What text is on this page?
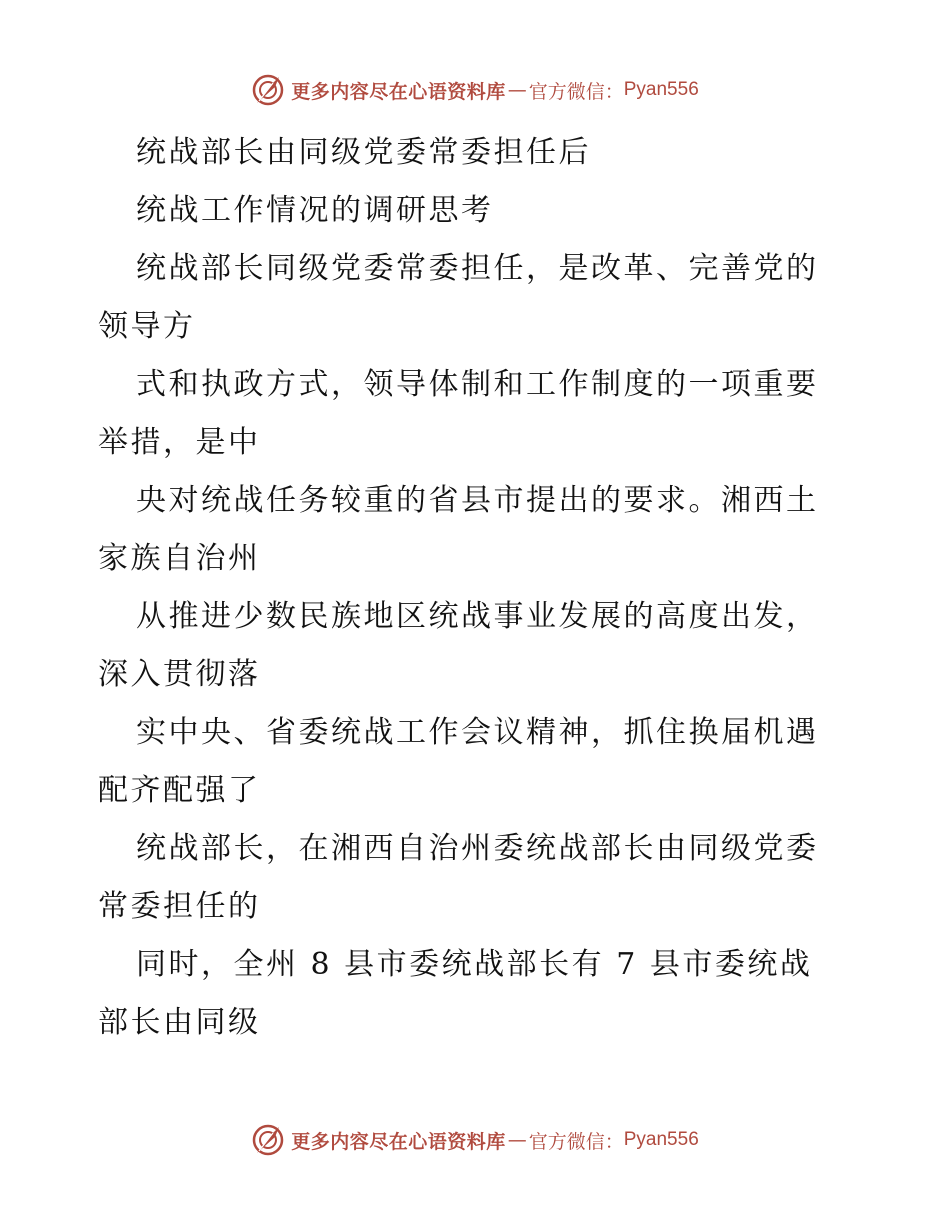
更多内容尽在心语资料库 — 官方微信： Pyan556
统战部长由同级党委常委担任后
统战工作情况的调研思考
统战部长同级党委常委担任，是改革、完善党的
领导方
式和执政方式，领导体制和工作制度的一项重要
举措，是中
央对统战任务较重的省县市提出的要求。湘西土
家族自治州
从推进少数民族地区统战事业发展的高度出发，
深入贯彻落
实中央、省委统战工作会议精神，抓住换届机遇
配齐配强了
统战部长，在湘西自治州委统战部长由同级党委
常委担任的
同时，全州 8 县市委统战部长有 7 县市委统战
部长由同级
更多内容尽在心语资料库 — 官方微信： Pyan556
